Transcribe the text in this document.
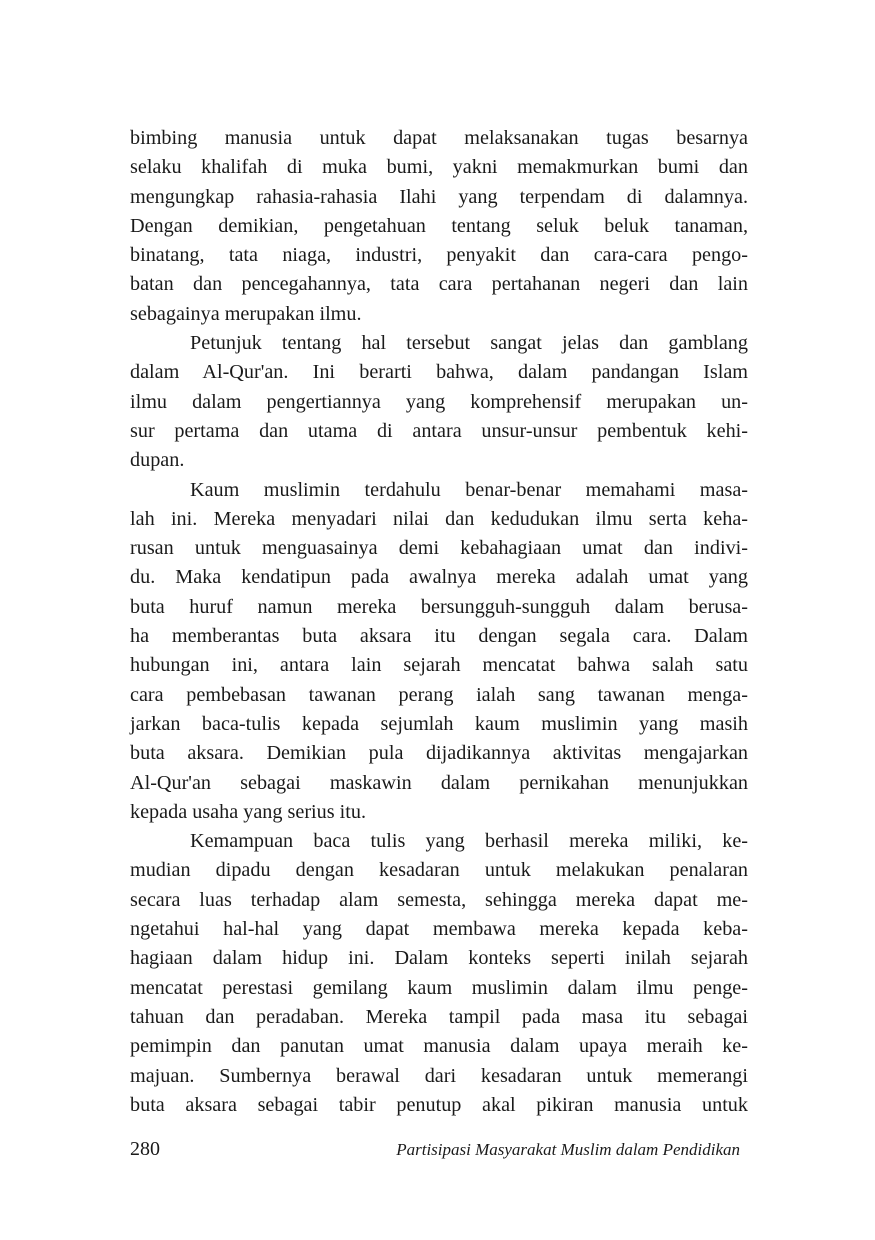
bimbing manusia untuk dapat melaksanakan tugas besarnya
selaku khalifah di muka bumi, yakni memakmurkan bumi dan
mengungkap rahasia-rahasia Ilahi yang terpendam di dalamnya.
Dengan demikian, pengetahuan tentang seluk beluk tanaman,
binatang, tata niaga, industri, penyakit dan cara-cara pengo-
batan dan pencegahannya, tata cara pertahanan negeri dan lain
sebagainya merupakan ilmu.

Petunjuk tentang hal tersebut sangat jelas dan gamblang
dalam Al-Qur'an. Ini berarti bahwa, dalam pandangan Islam
ilmu dalam pengertiannya yang komprehensif merupakan un-
sur pertama dan utama di antara unsur-unsur pembentuk kehi-
dupan.

Kaum muslimin terdahulu benar-benar memahami masa-
lah ini. Mereka menyadari nilai dan kedudukan ilmu serta keha-
rusan untuk menguasainya demi kebahagiaan umat dan indivi-
du. Maka kendatipun pada awalnya mereka adalah umat yang
buta huruf namun mereka bersungguh-sungguh dalam berusa-
ha memberantas buta aksara itu dengan segala cara. Dalam
hubungan ini, antara lain sejarah mencatat bahwa salah satu
cara pembebasan tawanan perang ialah sang tawanan menga-
jarkan baca-tulis kepada sejumlah kaum muslimin yang masih
buta aksara. Demikian pula dijadikannya aktivitas mengajarkan
Al-Qur'an sebagai maskawin dalam pernikahan menunjukkan
kepada usaha yang serius itu.

Kemampuan baca tulis yang berhasil mereka miliki, ke-
mudian dipadu dengan kesadaran untuk melakukan penalaran
secara luas terhadap alam semesta, sehingga mereka dapat me-
ngetahui hal-hal yang dapat membawa mereka kepada keba-
hagiaan dalam hidup ini. Dalam konteks seperti inilah sejarah
mencatat perestasi gemilang kaum muslimin dalam ilmu penge-
tahuan dan peradaban. Mereka tampil pada masa itu sebagai
pemimpin dan panutan umat manusia dalam upaya meraih ke-
majuan. Sumbernya berawal dari kesadaran untuk memerangi
buta aksara sebagai tabir penutup akal pikiran manusia untuk

280	Partisipasi Masyarakat Muslim dalam Pendidikan
